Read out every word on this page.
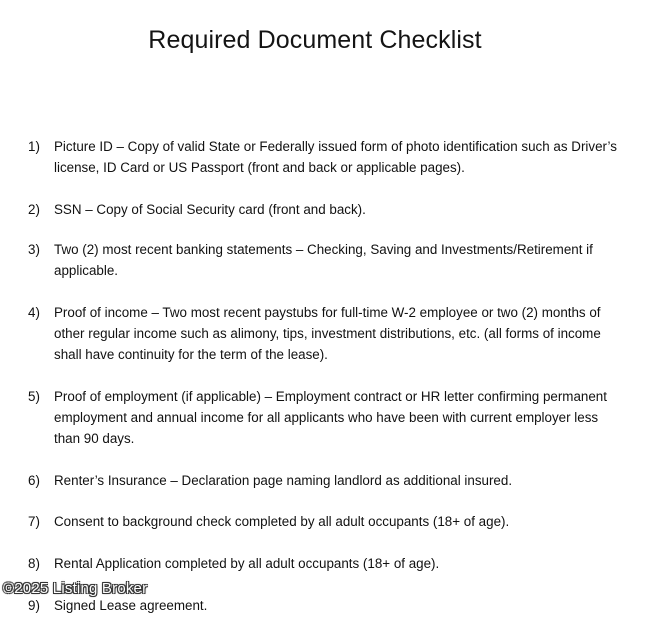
Required Document Checklist
1)	Picture ID – Copy of valid State or Federally issued form of photo identification such as Driver’s license, ID Card or US Passport (front and back or applicable pages).
2)	SSN – Copy of Social Security card (front and back).
3)	Two (2) most recent banking statements – Checking, Saving and Investments/Retirement if applicable.
4)	Proof of income – Two most recent paystubs for full-time W-2 employee or two (2) months of other regular income such as alimony, tips, investment distributions, etc. (all forms of income shall have continuity for the term of the lease).
5)	Proof of employment (if applicable) – Employment contract or HR letter confirming permanent employment and annual income for all applicants who have been with current employer less than 90 days.
6)	Renter’s Insurance – Declaration page naming landlord as additional insured.
7)	Consent to background check completed by all adult occupants (18+ of age).
8)	Rental Application completed by all adult occupants (18+ of age).
9)	Signed Lease agreement.
©2025 Listing Broker
